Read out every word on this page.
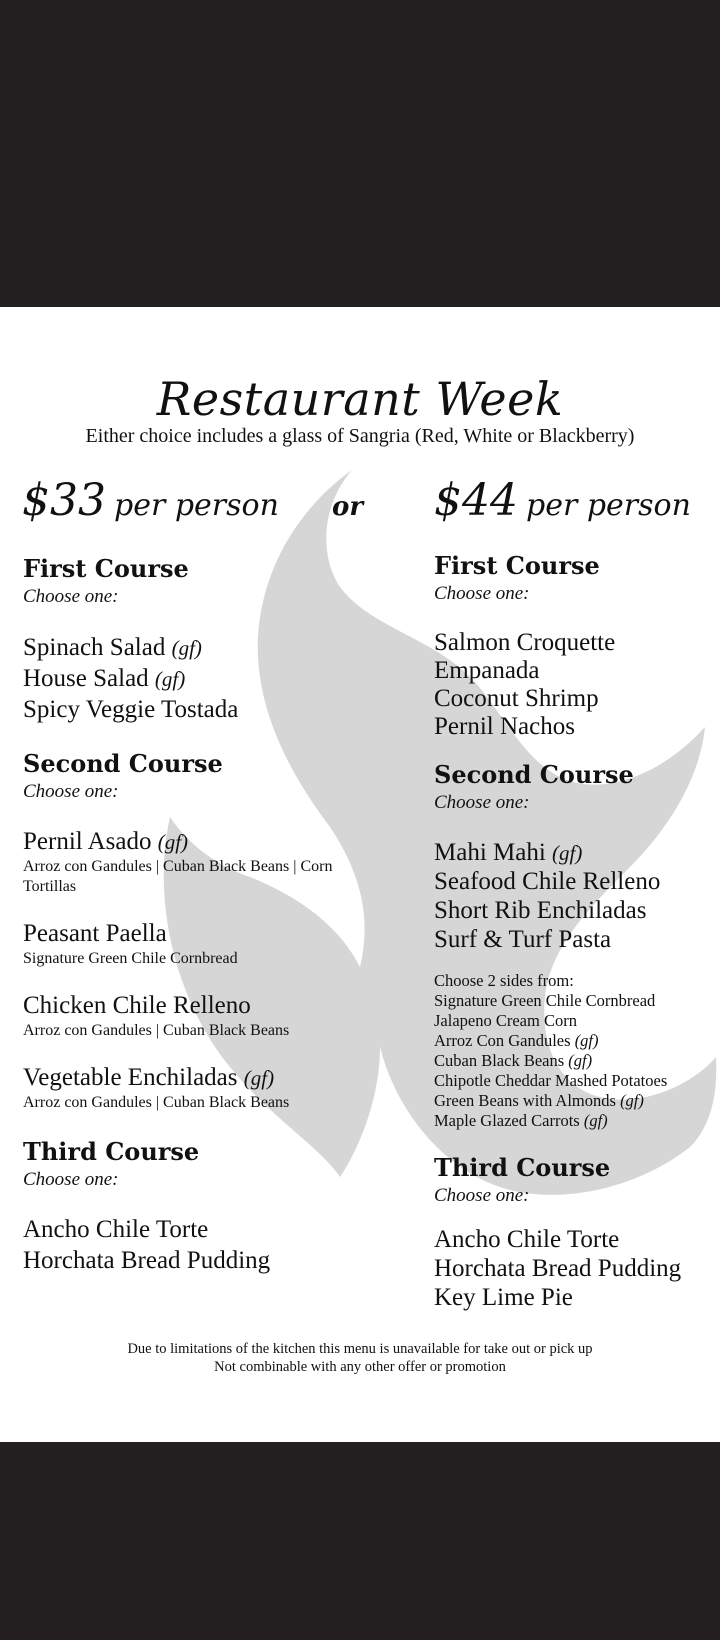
Restaurant Week
Either choice includes a glass of Sangria (Red, White or Blackberry)
$33 per person or $44 per person
First Course
Choose one:
Spinach Salad (gf)
House Salad (gf)
Spicy Veggie Tostada
Second Course
Choose one:
Pernil Asado (gf)
Arroz con Gandules | Cuban Black Beans | Corn Tortillas
Peasant Paella
Signature Green Chile Cornbread
Chicken Chile Relleno
Arroz con Gandules | Cuban Black Beans
Vegetable Enchiladas (gf)
Arroz con Gandules | Cuban Black Beans
Third Course
Choose one:
Ancho Chile Torte
Horchata Bread Pudding
First Course
Choose one:
Salmon Croquette
Empanada
Coconut Shrimp
Pernil Nachos
Second Course
Choose one:
Mahi Mahi (gf)
Seafood Chile Relleno
Short Rib Enchiladas
Surf & Turf Pasta
Choose 2 sides from:
Signature Green Chile Cornbread
Jalapeno Cream Corn
Arroz Con Gandules (gf)
Cuban Black Beans (gf)
Chipotle Cheddar Mashed Potatoes
Green Beans with Almonds (gf)
Maple Glazed Carrots (gf)
Third Course
Choose one:
Ancho Chile Torte
Horchata Bread Pudding
Key Lime Pie
Due to limitations of the kitchen this menu is unavailable for take out or pick up
Not combinable with any other offer or promotion
